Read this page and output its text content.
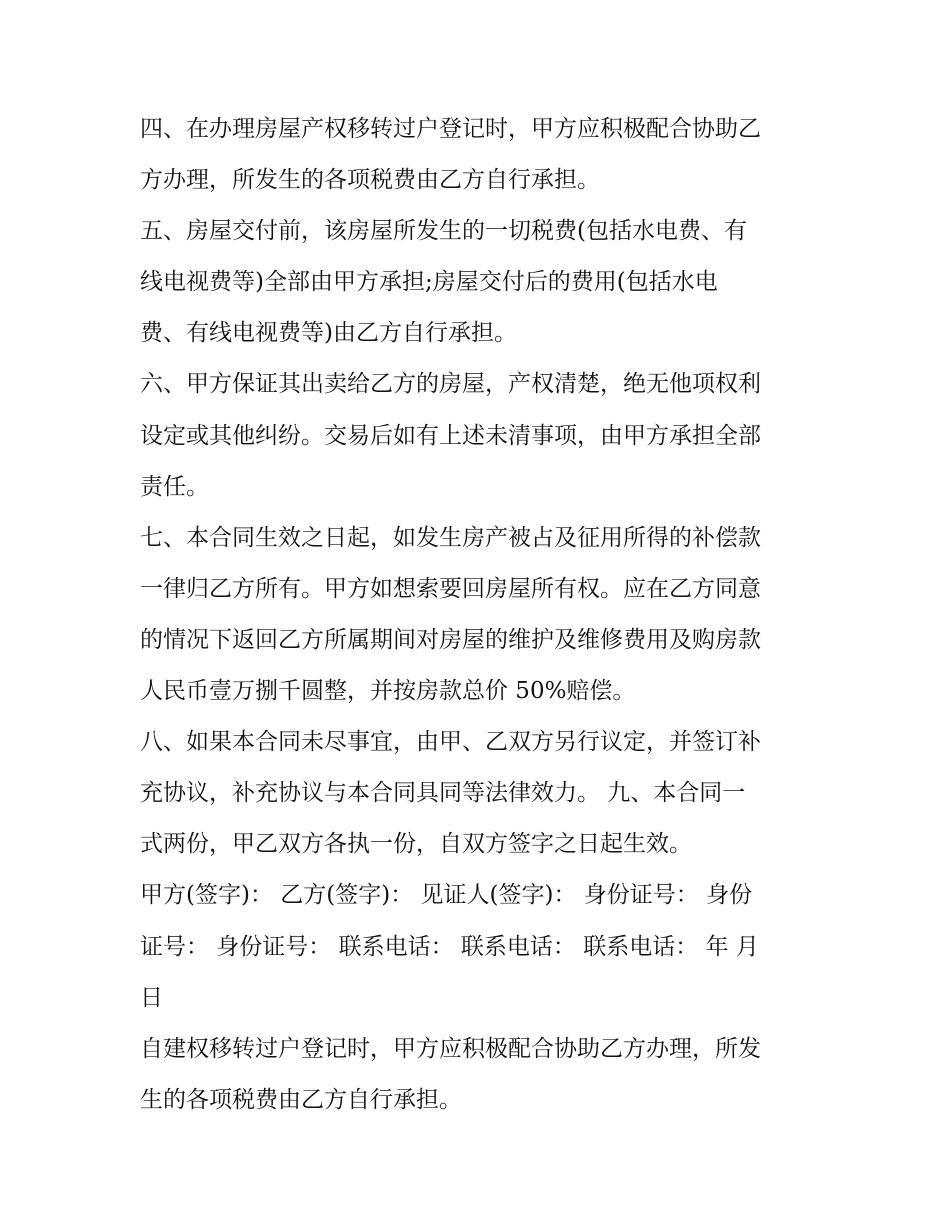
四、在办理房屋产权移转过户登记时，甲方应积极配合协助乙
方办理，所发生的各项税费由乙方自行承担。
五、房屋交付前，该房屋所发生的一切税费(包括水电费、有
线电视费等)全部由甲方承担;房屋交付后的费用(包括水电
费、有线电视费等)由乙方自行承担。
六、甲方保证其出卖给乙方的房屋，产权清楚，绝无他项权利
设定或其他纠纷。交易后如有上述未清事项，由甲方承担全部
责任。
七、本合同生效之日起，如发生房产被占及征用所得的补偿款
一律归乙方所有。甲方如想索要回房屋所有权。应在乙方同意
的情况下返回乙方所属期间对房屋的维护及维修费用及购房款
人民币壹万捌千圆整，并按房款总价 50%赔偿。
八、如果本合同未尽事宜，由甲、乙双方另行议定，并签订补
充协议，补充协议与本合同具同等法律效力。 九、本合同一
式两份，甲乙双方各执一份，自双方签字之日起生效。
甲方(签字)： 乙方(签字)： 见证人(签字)： 身份证号： 身份
证号： 身份证号： 联系电话： 联系电话： 联系电话： 年 月
日
自建权移转过户登记时，甲方应积极配合协助乙方办理，所发
生的各项税费由乙方自行承担。
